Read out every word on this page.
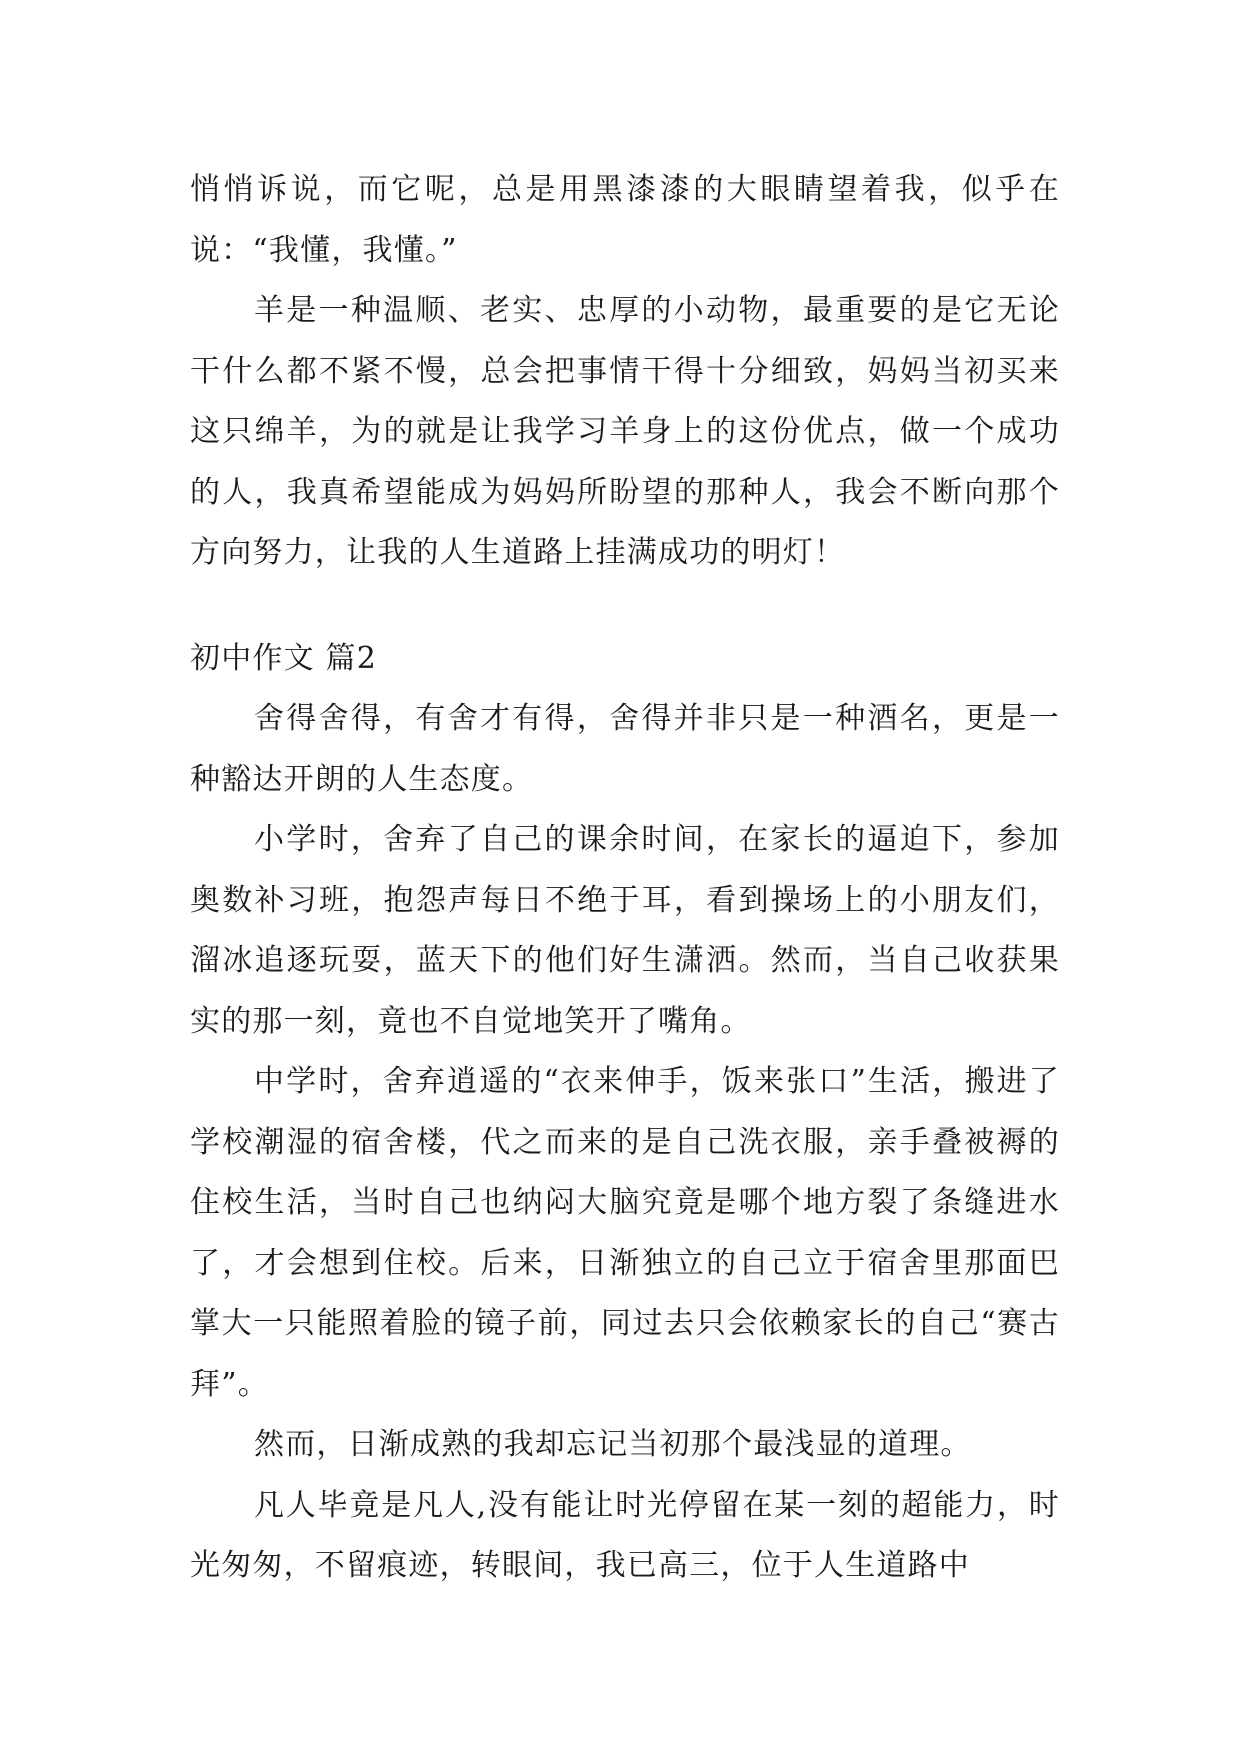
悄悄诉说，而它呢，总是用黑漆漆的大眼睛望着我，似乎在说：“我懂，我懂。”

羊是一种温顺、老实、忠厚的小动物，最重要的是它无论干什么都不紧不慢，总会把事情干得十分细致，妈妈当初买来这只绵羊，为的就是让我学习羊身上的这份优点，做一个成功的人，我真希望能成为妈妈所盼望的那种人，我会不断向那个方向努力，让我的人生道路上挂满成功的明灯！

初中作文 篇2

舍得舍得，有舍才有得，舍得并非只是一种酒名，更是一种豁达开朗的人生态度。

小学时，舍弃了自己的课余时间，在家长的逼迫下，参加奥数补习班，抱怨声每日不绝于耳，看到操场上的小朋友们，溜冰追逐玩耍，蓝天下的他们好生潇洒。然而，当自己收获果实的那一刻，竟也不自觉地笑开了嘴角。

中学时，舍弃逍遥的“衣来伸手，饭来张口”生活，搬进了学校潮湿的宿舍楼，代之而来的是自己洗衣服，亲手叠被褥的住校生活，当时自己也纳闷大脑究竟是哪个地方裂了条缝进水了，才会想到住校。后来，日渐独立的自己立于宿舍里那面巴掌大一只能照着脸的镜子前，同过去只会依赖家长的自己“赛古拜”。

然而，日渐成熟的我却忘记当初那个最浅显的道理。

凡人毕竟是凡人,没有能让时光停留在某一刻的超能力，时光匆匆，不留痕迹，转眼间，我已高三，位于人生道路中
